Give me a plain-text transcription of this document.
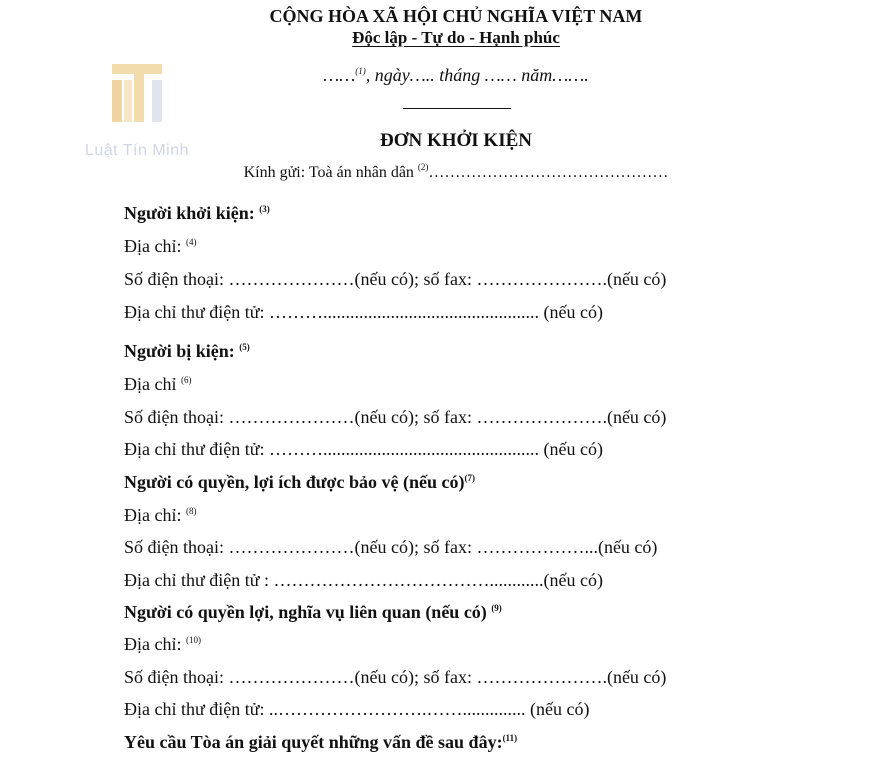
Luật Tín Minh
CỘNG HÒA XÃ HỘI CHỦ NGHĨA VIỆT NAM
Độc lập - Tự do - Hạnh phúc
……$^{(1)}$, ngày….. tháng …… năm…….
ĐƠN KHỞI KIỆN
Kính gửi: Toà án nhân dân $^{(2)}$………………………………………
Người khởi kiện: $^{(3)}$
Địa chỉ: $^{(4)}$
Số điện thoại: …………………(nếu có); số fax: ………………….(nếu có)
Địa chỉ thư điện tử: ………................................................ (nếu có)
Người bị kiện: $^{(5)}$
Địa chỉ $^{(6)}$
Số điện thoại: …………………(nếu có); số fax: ………………….(nếu có)
Địa chỉ thư điện tử: ………................................................ (nếu có)
Người có quyền, lợi ích được bảo vệ (nếu có)$^{(7)}$
Địa chỉ: $^{(8)}$
Số điện thoại: …………………(nếu có); số fax: ………………...(nếu có)
Địa chỉ thư điện tử : ………………………………............(nếu có)
Người có quyền lợi, nghĩa vụ liên quan (nếu có) $^{(9)}$
Địa chỉ: $^{(10)}$
Số điện thoại: …………………(nếu có); số fax: ………………….(nếu có)
Địa chỉ thư điện tử: ..…………………….…….............. (nếu có)
Yêu cầu Tòa án giải quyết những vấn đề sau đây:$^{(11)}$
